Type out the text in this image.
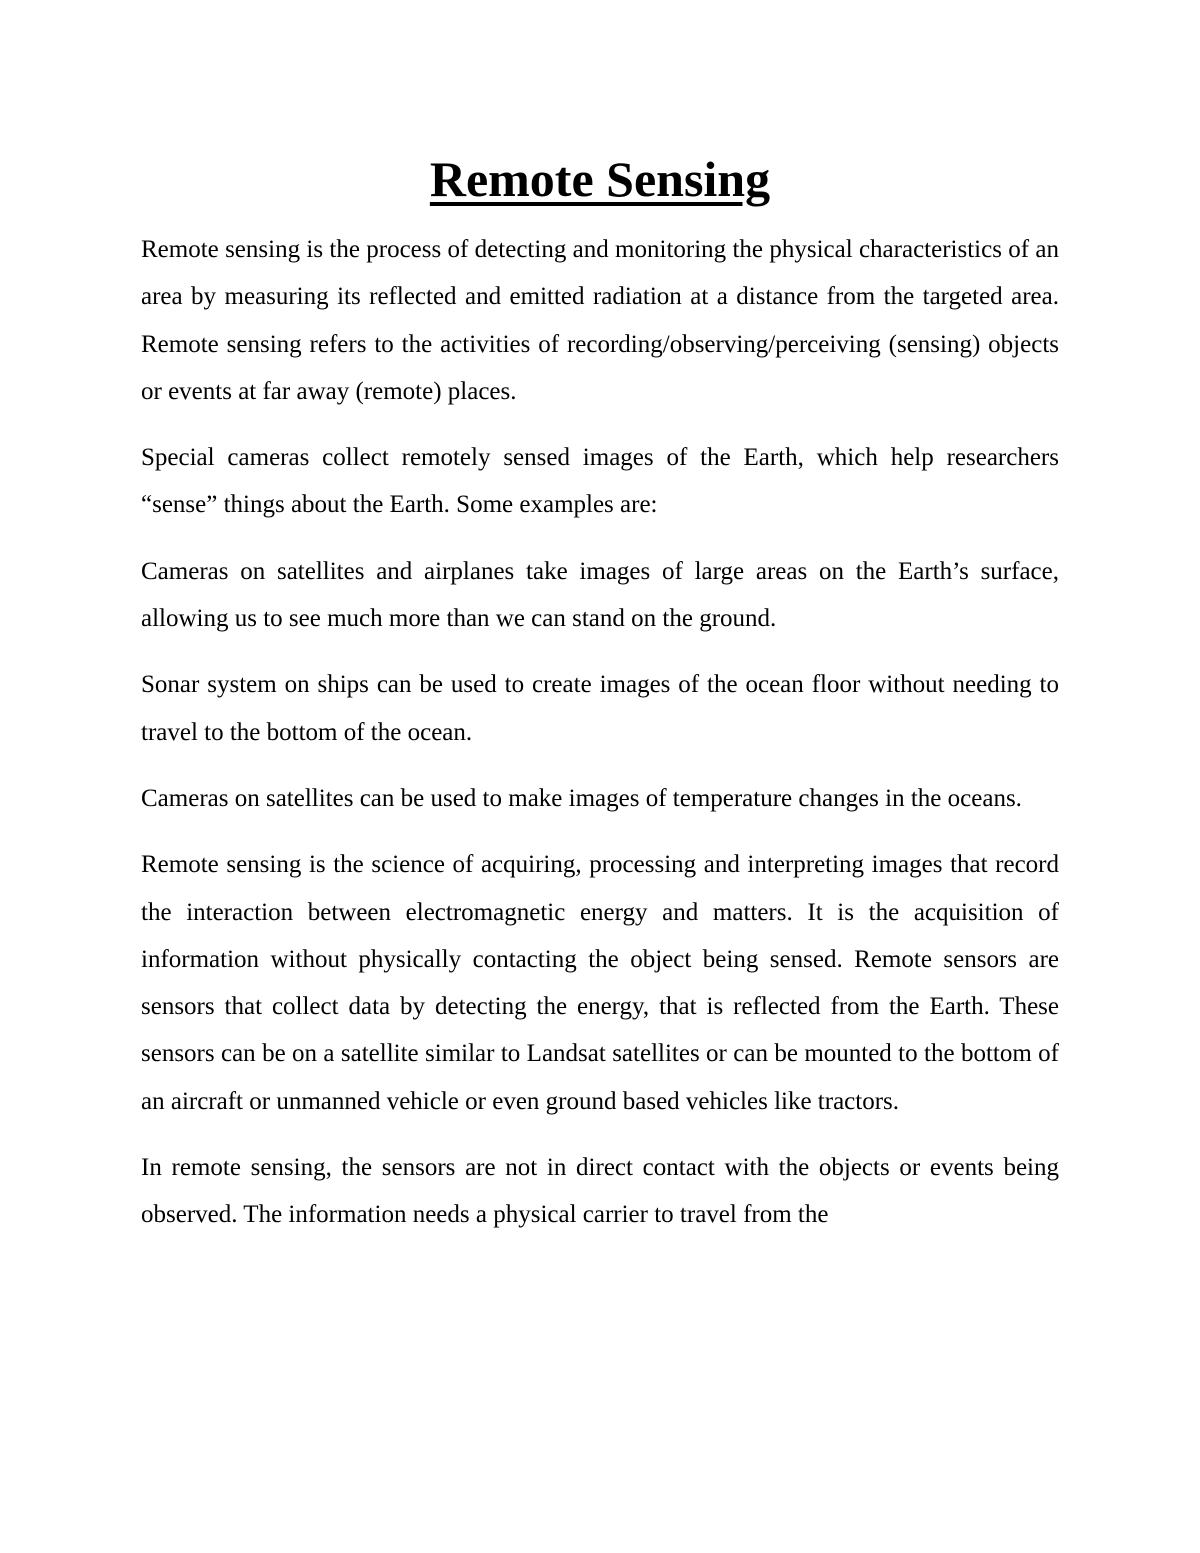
Remote Sensing

Remote sensing is the process of detecting and monitoring the physical characteristics of an area by measuring its reflected and emitted radiation at a distance from the targeted area. Remote sensing refers to the activities of recording/observing/perceiving (sensing) objects or events at far away (remote) places.

Special cameras collect remotely sensed images of the Earth, which help researchers “sense” things about the Earth. Some examples are:

Cameras on satellites and airplanes take images of large areas on the Earth’s surface, allowing us to see much more than we can stand on the ground.

Sonar system on ships can be used to create images of the ocean floor without needing to travel to the bottom of the ocean.

Cameras on satellites can be used to make images of temperature changes in the oceans.

Remote sensing is the science of acquiring, processing and interpreting images that record the interaction between electromagnetic energy and matters. It is the acquisition of information without physically contacting the object being sensed. Remote sensors are sensors that collect data by detecting the energy, that is reflected from the Earth. These sensors can be on a satellite similar to Landsat satellites or can be mounted to the bottom of an aircraft or unmanned vehicle or even ground based vehicles like tractors.

In remote sensing, the sensors are not in direct contact with the objects or events being observed. The information needs a physical carrier to travel from the
